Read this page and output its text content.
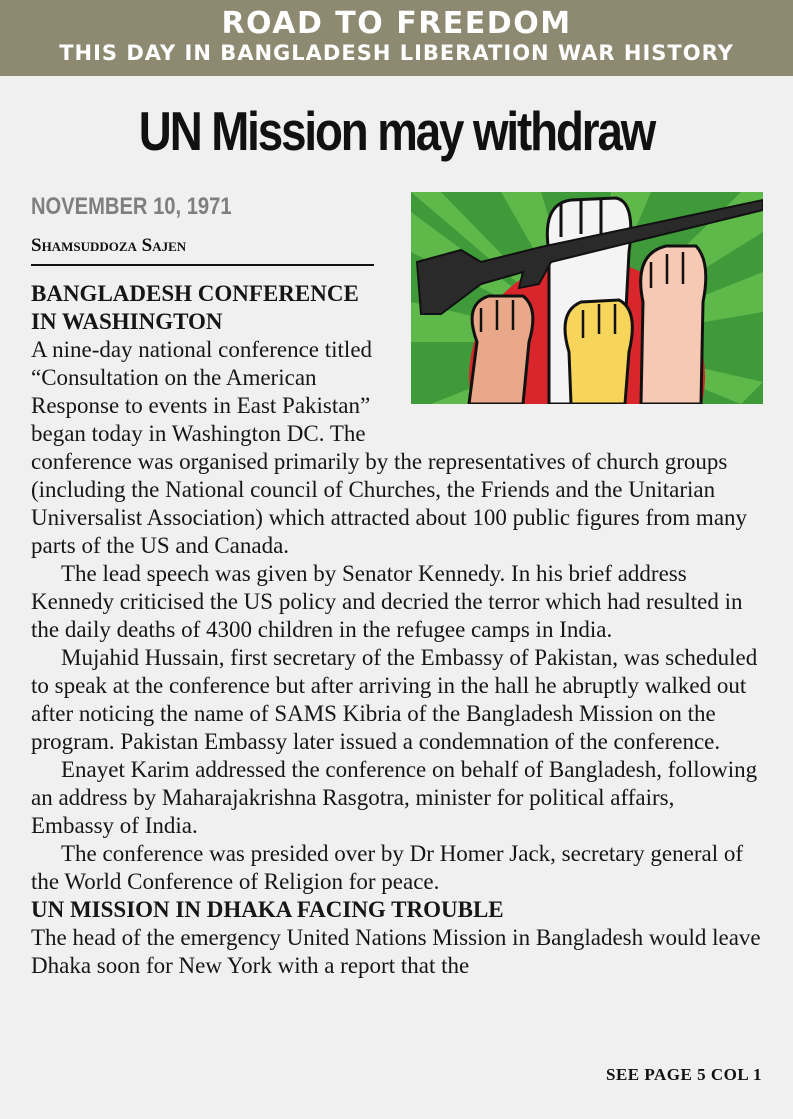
ROAD TO FREEDOM
THIS DAY IN BANGLADESH LIBERATION WAR HISTORY
UN Mission may withdraw
NOVEMBER 10, 1971
Shamsuddoza Sajen
BANGLADESH CONFERENCE IN WASHINGTON

A nine-day national conference titled “Consultation on the American Response to events in East Pakistan” began today in Washington DC. The conference was organised primarily by the representatives of church groups (including the National council of Churches, the Friends and the Unitarian Universalist Association) which attracted about 100 public figures from many parts of the US and Canada.

The lead speech was given by Senator Kennedy. In his brief address Kennedy criticised the US policy and decried the terror which had resulted in the daily deaths of 4300 children in the refugee camps in India.

Mujahid Hussain, first secretary of the Embassy of Pakistan, was scheduled to speak at the conference but after arriving in the hall he abruptly walked out after noticing the name of SAMS Kibria of the Bangladesh Mission on the program. Pakistan Embassy later issued a condemnation of the conference.

Enayet Karim addressed the conference on behalf of Bangladesh, following an address by Maharajakrishna Rasgotra, minister for political affairs, Embassy of India.

The conference was presided over by Dr Homer Jack, secretary general of the World Conference of Religion for peace.

UN MISSION IN DHAKA FACING TROUBLE

The head of the emergency United Nations Mission in Bangladesh would leave Dhaka soon for New York with a report that the

SEE PAGE 5 COL 1
